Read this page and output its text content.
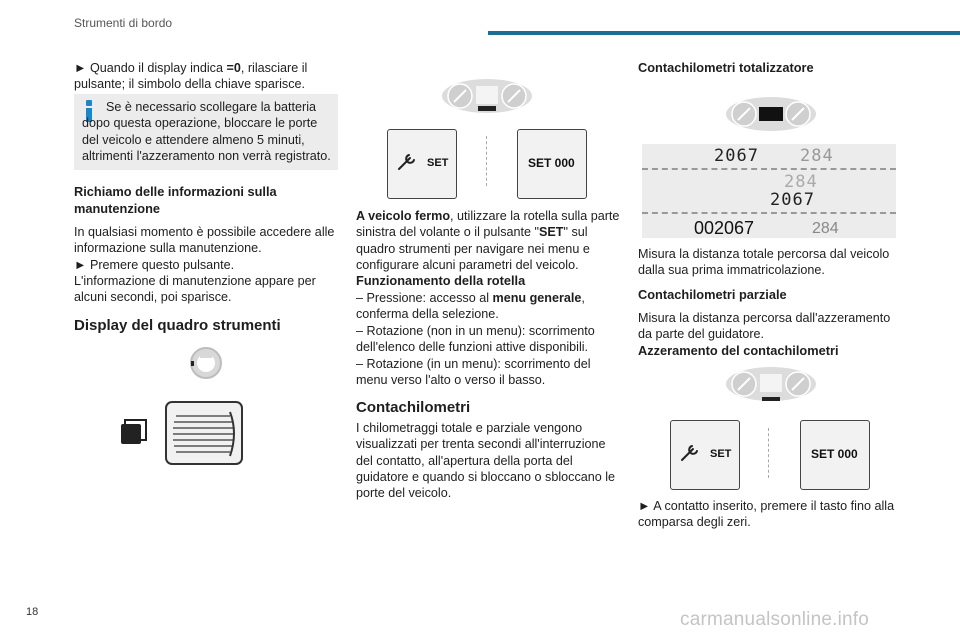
Strumenti di bordo

► Quando il display indica =0, rilasciare il pulsante; il simbolo della chiave sparisce.

Se è necessario scollegare la batteria dopo questa operazione, bloccare le porte del veicolo e attendere almeno 5 minuti, altrimenti l'azzeramento non verrà registrato.

Richiamo delle informazioni sulla manutenzione

In qualsiasi momento è possibile accedere alle informazione sulla manutenzione.

► Premere questo pulsante.

L'informazione di manutenzione appare per alcuni secondi, poi sparisce.

Display del quadro strumenti
SET	SET 000

A veicolo fermo, utilizzare la rotella sulla parte sinistra del volante o il pulsante "SET" sul quadro strumenti per navigare nei menu e configurare alcuni parametri del veicolo.

Funzionamento della rotella

– Pressione: accesso al menu generale, conferma della selezione.

– Rotazione (non in un menu): scorrimento dell'elenco delle funzioni attive disponibili.

– Rotazione (in un menu): scorrimento del menu verso l'alto o verso il basso.

Contachilometri

I chilometraggi totale e parziale vengono visualizzati per trenta secondi all'interruzione del contatto, all'apertura della porta del guidatore e quando si bloccano o sbloccano le porte del veicolo.

Contachilometri totalizzatore
2067 284
284
2067
002067	284

Misura la distanza totale percorsa dal veicolo dalla sua prima immatricolazione.

Contachilometri parziale

Misura la distanza percorsa dall'azzeramento da parte del guidatore.

Azzeramento del contachilometri
SET	SET 000

► A contatto inserito, premere il tasto fino alla comparsa degli zeri.

18	carmanualsonline.info
